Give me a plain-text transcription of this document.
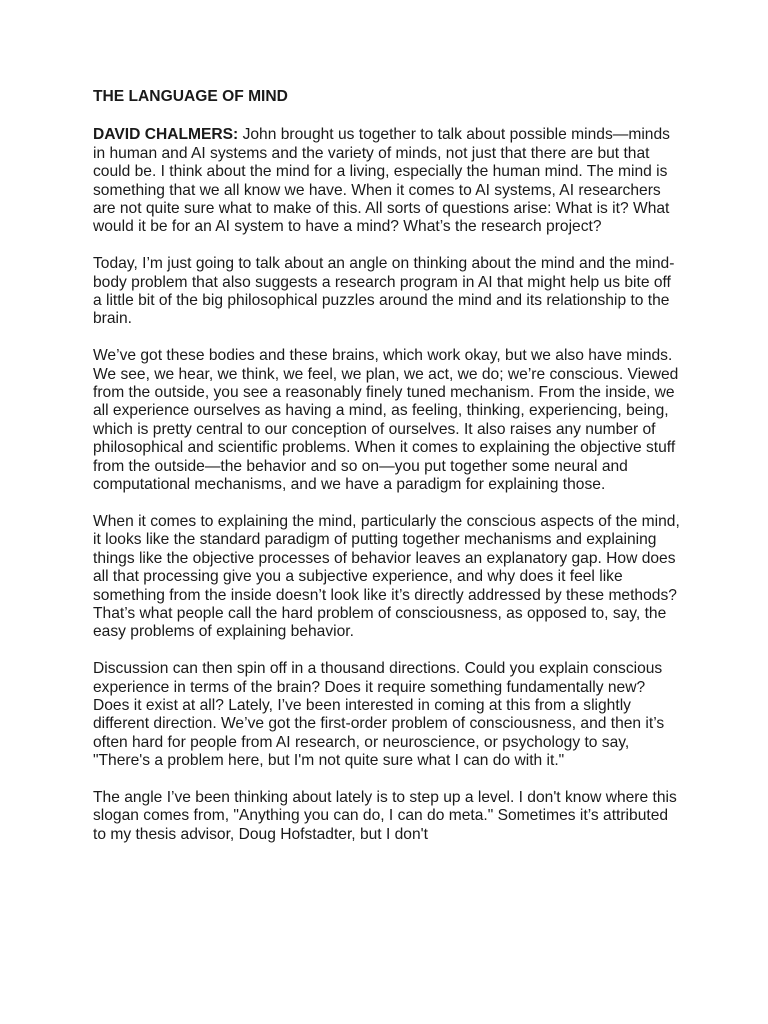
THE LANGUAGE OF MIND

DAVID CHALMERS: John brought us together to talk about possible minds—minds in human and AI systems and the variety of minds, not just that there are but that could be. I think about the mind for a living, especially the human mind. The mind is something that we all know we have. When it comes to AI systems, AI researchers are not quite sure what to make of this. All sorts of questions arise: What is it? What would it be for an AI system to have a mind? What’s the research project?

Today, I’m just going to talk about an angle on thinking about the mind and the mind-body problem that also suggests a research program in AI that might help us bite off a little bit of the big philosophical puzzles around the mind and its relationship to the brain.

We’ve got these bodies and these brains, which work okay, but we also have minds. We see, we hear, we think, we feel, we plan, we act, we do; we’re conscious. Viewed from the outside, you see a reasonably finely tuned mechanism. From the inside, we all experience ourselves as having a mind, as feeling, thinking, experiencing, being, which is pretty central to our conception of ourselves. It also raises any number of philosophical and scientific problems. When it comes to explaining the objective stuff from the outside—the behavior and so on—you put together some neural and computational mechanisms, and we have a paradigm for explaining those.

When it comes to explaining the mind, particularly the conscious aspects of the mind, it looks like the standard paradigm of putting together mechanisms and explaining things like the objective processes of behavior leaves an explanatory gap. How does all that processing give you a subjective experience, and why does it feel like something from the inside doesn’t look like it’s directly addressed by these methods? That’s what people call the hard problem of consciousness, as opposed to, say, the easy problems of explaining behavior.

Discussion can then spin off in a thousand directions. Could you explain conscious experience in terms of the brain? Does it require something fundamentally new? Does it exist at all? Lately, I’ve been interested in coming at this from a slightly different direction. We’ve got the first-order problem of consciousness, and then it’s often hard for people from AI research, or neuroscience, or psychology to say, "There's a problem here, but I'm not quite sure what I can do with it."

The angle I’ve been thinking about lately is to step up a level. I don't know where this slogan comes from, "Anything you can do, I can do meta." Sometimes it’s attributed to my thesis advisor, Doug Hofstadter, but I don't
